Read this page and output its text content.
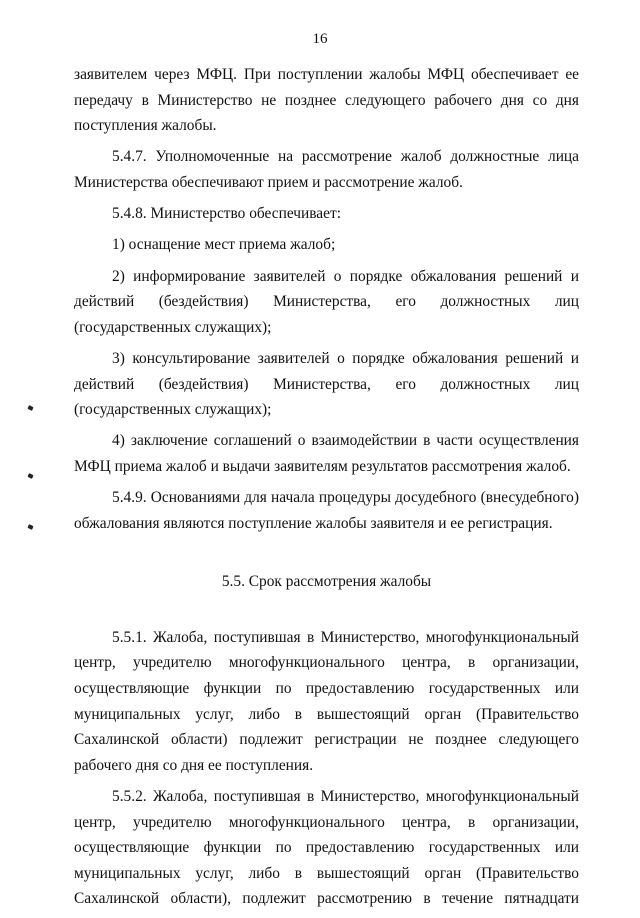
16

заявителем через МФЦ. При поступлении жалобы МФЦ обеспечивает ее передачу в Министерство не позднее следующего рабочего дня со дня поступления жалобы.

5.4.7. Уполномоченные на рассмотрение жалоб должностные лица Министерства обеспечивают прием и рассмотрение жалоб.

5.4.8. Министерство обеспечивает:

1) оснащение мест приема жалоб;

2) информирование заявителей о порядке обжалования решений и действий (бездействия) Министерства, его должностных лиц (государственных служащих);

3) консультирование заявителей о порядке обжалования решений и действий (бездействия) Министерства, его должностных лиц (государственных служащих);

4) заключение соглашений о взаимодействии в части осуществления МФЦ приема жалоб и выдачи заявителям результатов рассмотрения жалоб.

5.4.9. Основаниями для начала процедуры досудебного (внесудебного) обжалования являются поступление жалобы заявителя и ее регистрация.

5.5. Срок рассмотрения жалобы

5.5.1. Жалоба, поступившая в Министерство, многофункциональный центр, учредителю многофункционального центра, в организации, осуществляющие функции по предоставлению государственных или муниципальных услуг, либо в вышестоящий орган (Правительство Сахалинской области) подлежит регистрации не позднее следующего рабочего дня со дня ее поступления.

5.5.2. Жалоба, поступившая в Министерство, многофункциональный центр, учредителю многофункционального центра, в организации, осуществляющие функции по предоставлению государственных или муниципальных услуг, либо в вышестоящий орган (Правительство Сахалинской области), подлежит рассмотрению в течение пятнадцати
